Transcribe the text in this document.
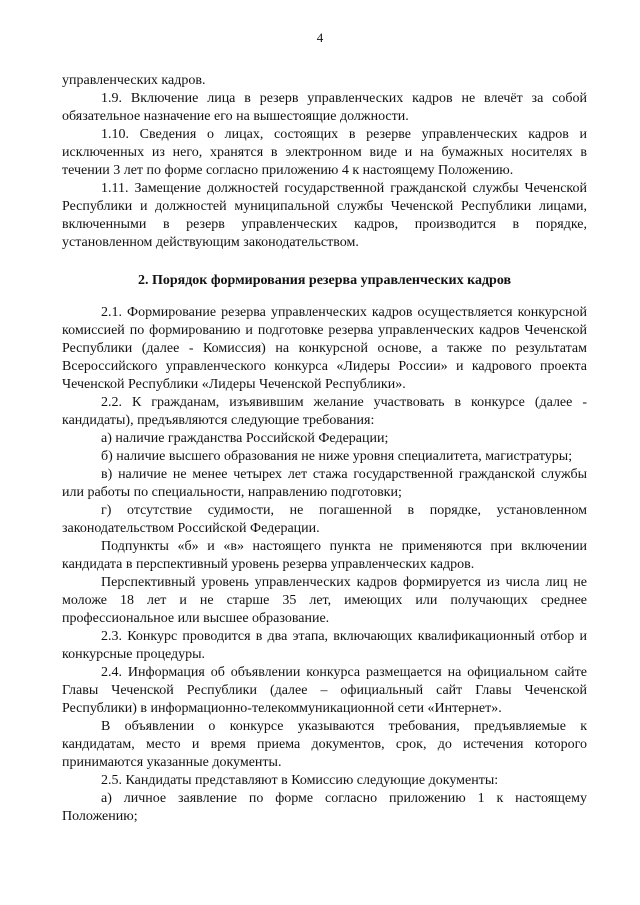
4

управленческих кадров.

1.9. Включение лица в резерв управленческих кадров не влечёт за собой обязательное назначение его на вышестоящие должности.

1.10. Сведения о лицах, состоящих в резерве управленческих кадров и исключенных из него, хранятся в электронном виде и на бумажных носителях в течении 3 лет по форме согласно приложению 4 к настоящему Положению.

1.11. Замещение должностей государственной гражданской службы Чеченской Республики и должностей муниципальной службы Чеченской Республики лицами, включенными в резерв управленческих кадров, производится в порядке, установленном действующим законодательством.

2. Порядок формирования резерва управленческих кадров

2.1. Формирование резерва управленческих кадров осуществляется конкурсной комиссией по формированию и подготовке резерва управленческих кадров Чеченской Республики (далее - Комиссия) на конкурсной основе, а также по результатам Всероссийского управленческого конкурса «Лидеры России» и кадрового проекта Чеченской Республики «Лидеры Чеченской Республики».

2.2. К гражданам, изъявившим желание участвовать в конкурсе (далее - кандидаты), предъявляются следующие требования:

а) наличие гражданства Российской Федерации;

б) наличие высшего образования не ниже уровня специалитета, магистратуры;

в) наличие не менее четырех лет стажа государственной гражданской службы или работы по специальности, направлению подготовки;

г) отсутствие судимости, не погашенной в порядке, установленном законодательством Российской Федерации.

Подпункты «б» и «в» настоящего пункта не применяются при включении кандидата в перспективный уровень резерва управленческих кадров.

Перспективный уровень управленческих кадров формируется из числа лиц не моложе 18 лет и не старше 35 лет, имеющих или получающих среднее профессиональное или высшее образование.

2.3. Конкурс проводится в два этапа, включающих квалификационный отбор и конкурсные процедуры.

2.4. Информация об объявлении конкурса размещается на официальном сайте Главы Чеченской Республики (далее – официальный сайт Главы Чеченской Республики) в информационно-телекоммуникационной сети «Интернет».

В объявлении о конкурсе указываются требования, предъявляемые к кандидатам, место и время приема документов, срок, до истечения которого принимаются указанные документы.

2.5. Кандидаты представляют в Комиссию следующие документы:

а) личное заявление по форме согласно приложению 1 к настоящему Положению;
